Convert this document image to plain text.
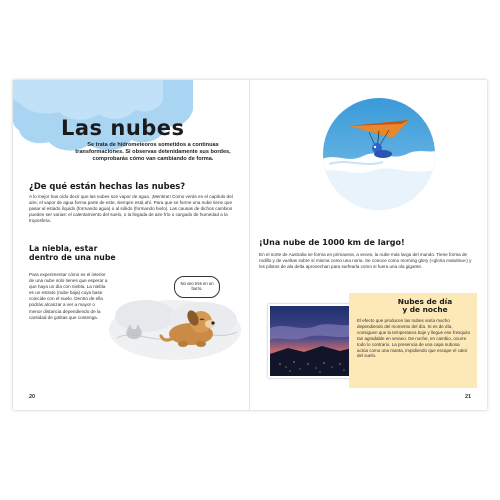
Las nubes
Se trata de hidrometeoros sometidos a continuas transformaciones. Si observas detenidamente sus bordes, comprobarás cómo van cambiando de forma.
¿De qué están hechas las nubes?
A lo mejor has oído decir que las nubes son vapor de agua. ¡Mentira!! Como verás en el capítulo del aire, el vapor de agua forma parte de este, siempre está ahí. Para que se forme una nube tiene que pasar al estado líquido (formando agua) o al sólido (formando hielo). Las causas de dichos cambios pueden ser varias: el calentamiento del suelo, o la llegada de aire frío o cargado de humedad a la troposfera.
La niebla, estar dentro de una nube
Para experimentar cómo es el interior de una nube solo tienes que esperar a que haya un día con niebla. La niebla es un estrato (nube baja) cuya base coincide con el suelo. Dentro de ella podrás alcanzar a ver a mayor o menor distancia dependiendo de la cantidad de gotitas que contenga.
No veo tres en un burro.
20
¡Una nube de 1000 km de largo!
En el norte de Australia se forma en primavera, a veces, la nube más larga del mundo. Tiene forma de rodillo y de vueltas sobre sí misma como una noria. Se conoce como morning glory («gloria matutina») y los pilotos de ala delta aprovechan para surfearla como si fuera una ola gigante.
Nubes de día y de noche
El efecto que producen las nubes varía mucho dependiendo del momento del día. Si es de día, consiguen que la temperatura baje y llegue ese fresquito tan agradable en verano. De noche, en cambio, ocurre todo lo contrario. La presencia de una capa nubosa actúa como una manta, impidiendo que escape el calor del suelo.
21
